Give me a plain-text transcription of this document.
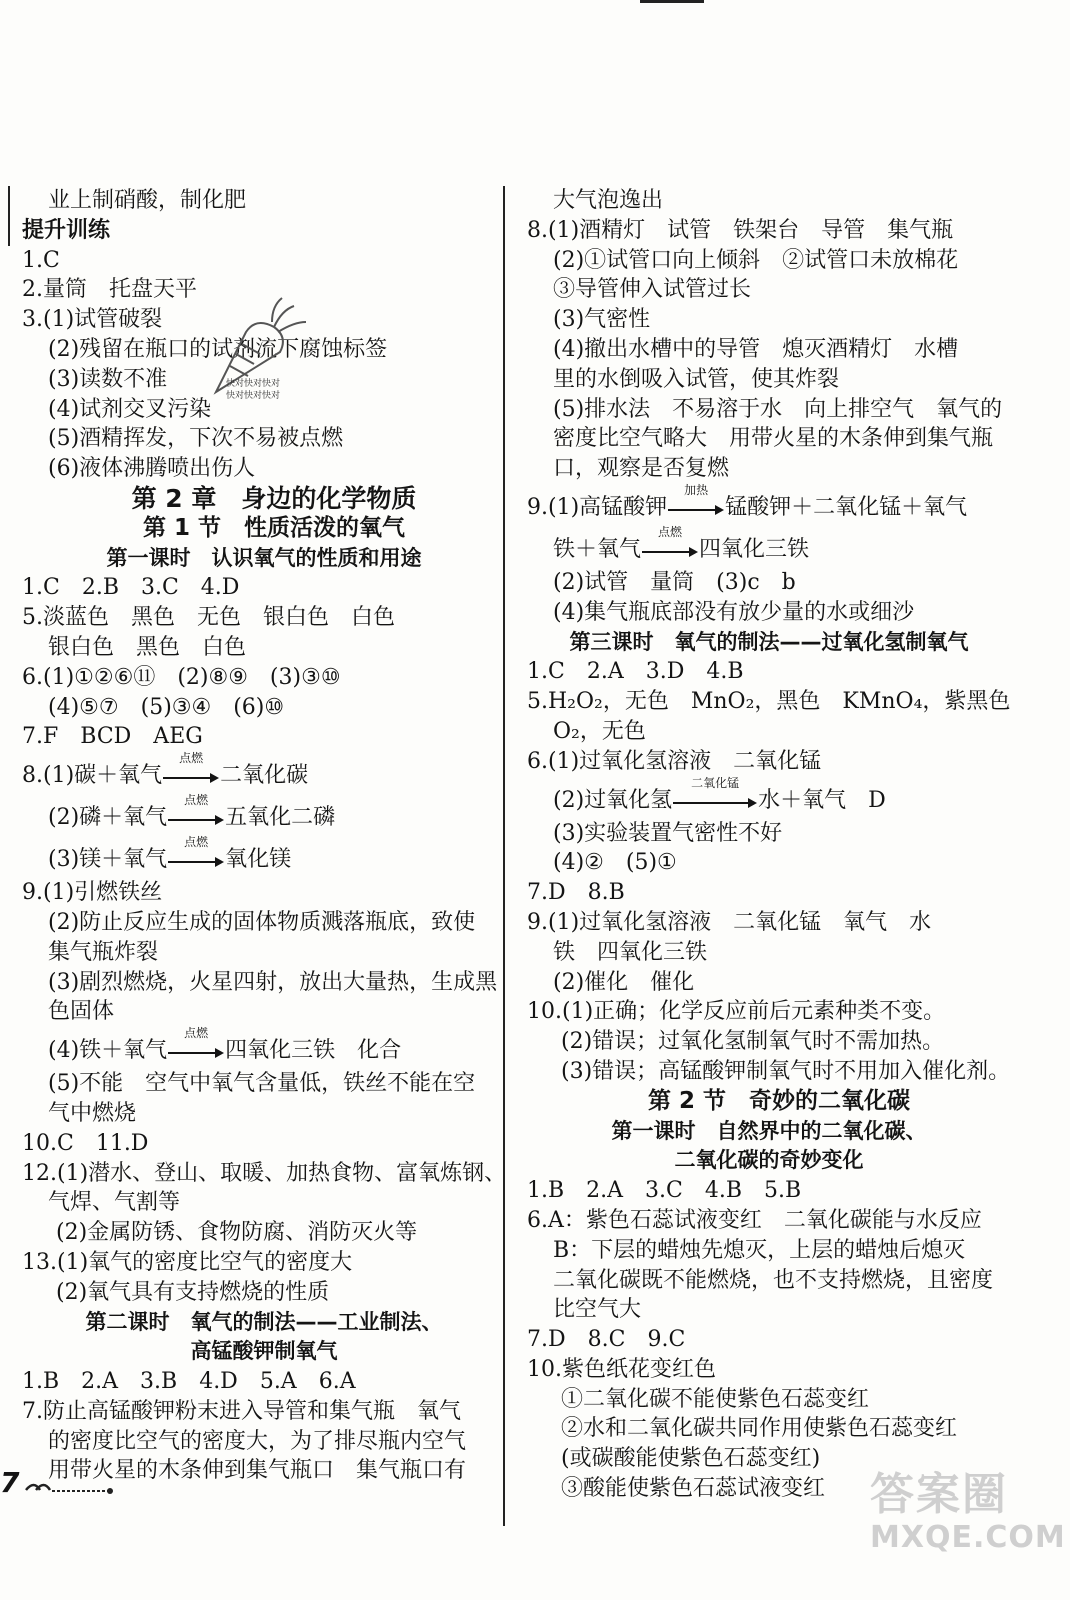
业上制硝酸，制化肥
提升训练
1.C
2.量筒　托盘天平
3.(1)试管破裂
(2)残留在瓶口的试剂流下腐蚀标签
(3)读数不准
(4)试剂交叉污染
(5)酒精挥发，下次不易被点燃
(6)液体沸腾喷出伤人
第 2 章　身边的化学物质
第 1 节　性质活泼的氧气
第一课时　认识氧气的性质和用途
1.C　2.B　3.C　4.D
5.淡蓝色　黑色　无色　银白色　白色
银白色　黑色　白色
6.(1)①②⑥⑪　(2)⑧⑨　(3)③⑩
(4)⑤⑦　(5)③④　(6)⑩
7.F　BCD　AEG
8.(1)碳＋氧气
点燃
二氧化碳
(2)磷＋氧气
点燃
五氧化二磷
(3)镁＋氧气
点燃
氧化镁
9.(1)引燃铁丝
(2)防止反应生成的固体物质溅落瓶底，致使
集气瓶炸裂
(3)剧烈燃烧，火星四射，放出大量热，生成黑
色固体
(4)铁＋氧气
点燃
四氧化三铁　化合
(5)不能　空气中氧气含量低，铁丝不能在空
气中燃烧
10.C　11.D
12.(1)潜水、登山、取暖、加热食物、富氧炼钢、
气焊、气割等
(2)金属防锈、食物防腐、消防灭火等
13.(1)氧气的密度比空气的密度大
(2)氧气具有支持燃烧的性质
第二课时　氧气的制法——工业制法、
高锰酸钾制氧气
1.B　2.A　3.B　4.D　5.A　6.A
7.防止高锰酸钾粉末进入导管和集气瓶　氧气
的密度比空气的密度大，为了排尽瓶内空气
用带火星的木条伸到集气瓶口　集气瓶口有
大气泡逸出
8.(1)酒精灯　试管　铁架台　导管　集气瓶
(2)①试管口向上倾斜　②试管口未放棉花
③导管伸入试管过长
(3)气密性
(4)撤出水槽中的导管　熄灭酒精灯　水槽
里的水倒吸入试管，使其炸裂
(5)排水法　不易溶于水　向上排空气　氧气的
密度比空气略大　用带火星的木条伸到集气瓶
口，观察是否复燃
9.(1)高锰酸钾
加热
锰酸钾＋二氧化锰＋氧气
铁＋氧气
点燃
四氧化三铁
(2)试管　量筒　(3)c　b
(4)集气瓶底部没有放少量的水或细沙
第三课时　氧气的制法——过氧化氢制氧气
1.C　2.A　3.D　4.B
5.H₂O₂，无色　MnO₂，黑色　KMnO₄，紫黑色
O₂，无色
6.(1)过氧化氢溶液　二氧化锰
(2)过氧化氢
二氧化锰
水＋氧气　D
(3)实验装置气密性不好
(4)②　(5)①
7.D　8.B
9.(1)过氧化氢溶液　二氧化锰　氧气　水
铁　四氧化三铁
(2)催化　催化
10.(1)正确；化学反应前后元素种类不变。
(2)错误；过氧化氢制氧气时不需加热。
(3)错误；高锰酸钾制氧气时不用加入催化剂。
第 2 节　奇妙的二氧化碳
第一课时　自然界中的二氧化碳、
二氧化碳的奇妙变化
1.B　2.A　3.C　4.B　5.B
6.A：紫色石蕊试液变红　二氧化碳能与水反应
B：下层的蜡烛先熄灭，上层的蜡烛后熄灭
二氧化碳既不能燃烧，也不支持燃烧，且密度
比空气大
7.D　8.C　9.C
10.紫色纸花变红色
①二氧化碳不能使紫色石蕊变红
②水和二氧化碳共同作用使紫色石蕊变红
(或碳酸能使紫色石蕊变红)
③酸能使紫色石蕊试液变红
快对快对快对
快对快对快对
7	答案圈
MXQE.COM
